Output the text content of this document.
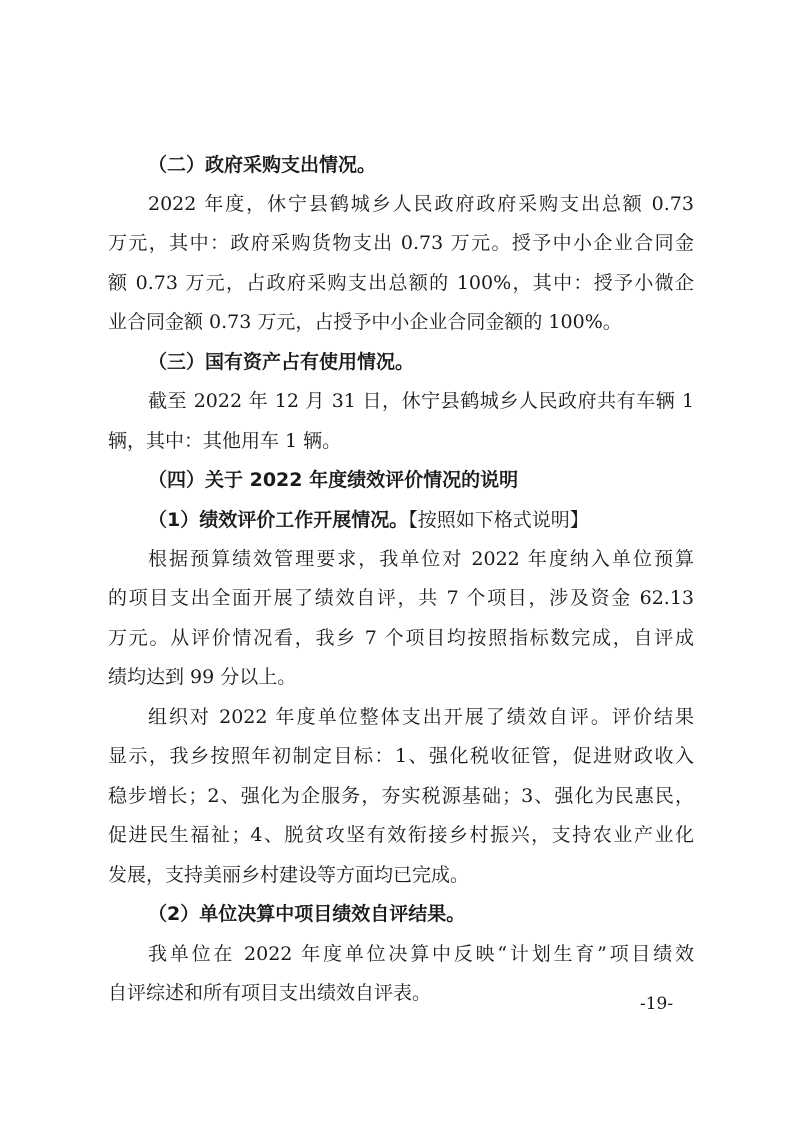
（二）政府采购支出情况。
2022 年度，休宁县鹤城乡人民政府政府采购支出总额 0.73
万元，其中：政府采购货物支出 0.73 万元。授予中小企业合同金
额 0.73 万元，占政府采购支出总额的 100%，其中：授予小微企
业合同金额 0.73 万元，占授予中小企业合同金额的 100%。
（三）国有资产占有使用情况。
截至 2022 年 12 月 31 日，休宁县鹤城乡人民政府共有车辆 1
辆，其中：其他用车 1 辆。
（四）关于 2022 年度绩效评价情况的说明
（1）绩效评价工作开展情况。【按照如下格式说明】
根据预算绩效管理要求，我单位对 2022 年度纳入单位预算
的项目支出全面开展了绩效自评，共 7 个项目，涉及资金 62.13
万元。从评价情况看，我乡 7 个项目均按照指标数完成，自评成
绩均达到 99 分以上。
组织对 2022 年度单位整体支出开展了绩效自评。评价结果
显示，我乡按照年初制定目标：1、强化税收征管，促进财政收入
稳步增长；2、强化为企服务，夯实税源基础；3、强化为民惠民，
促进民生福祉；4、脱贫攻坚有效衔接乡村振兴，支持农业产业化
发展，支持美丽乡村建设等方面均已完成。
（2）单位决算中项目绩效自评结果。
我单位在 2022 年度单位决算中反映“计划生育”项目绩效
自评综述和所有项目支出绩效自评表。	-19-
